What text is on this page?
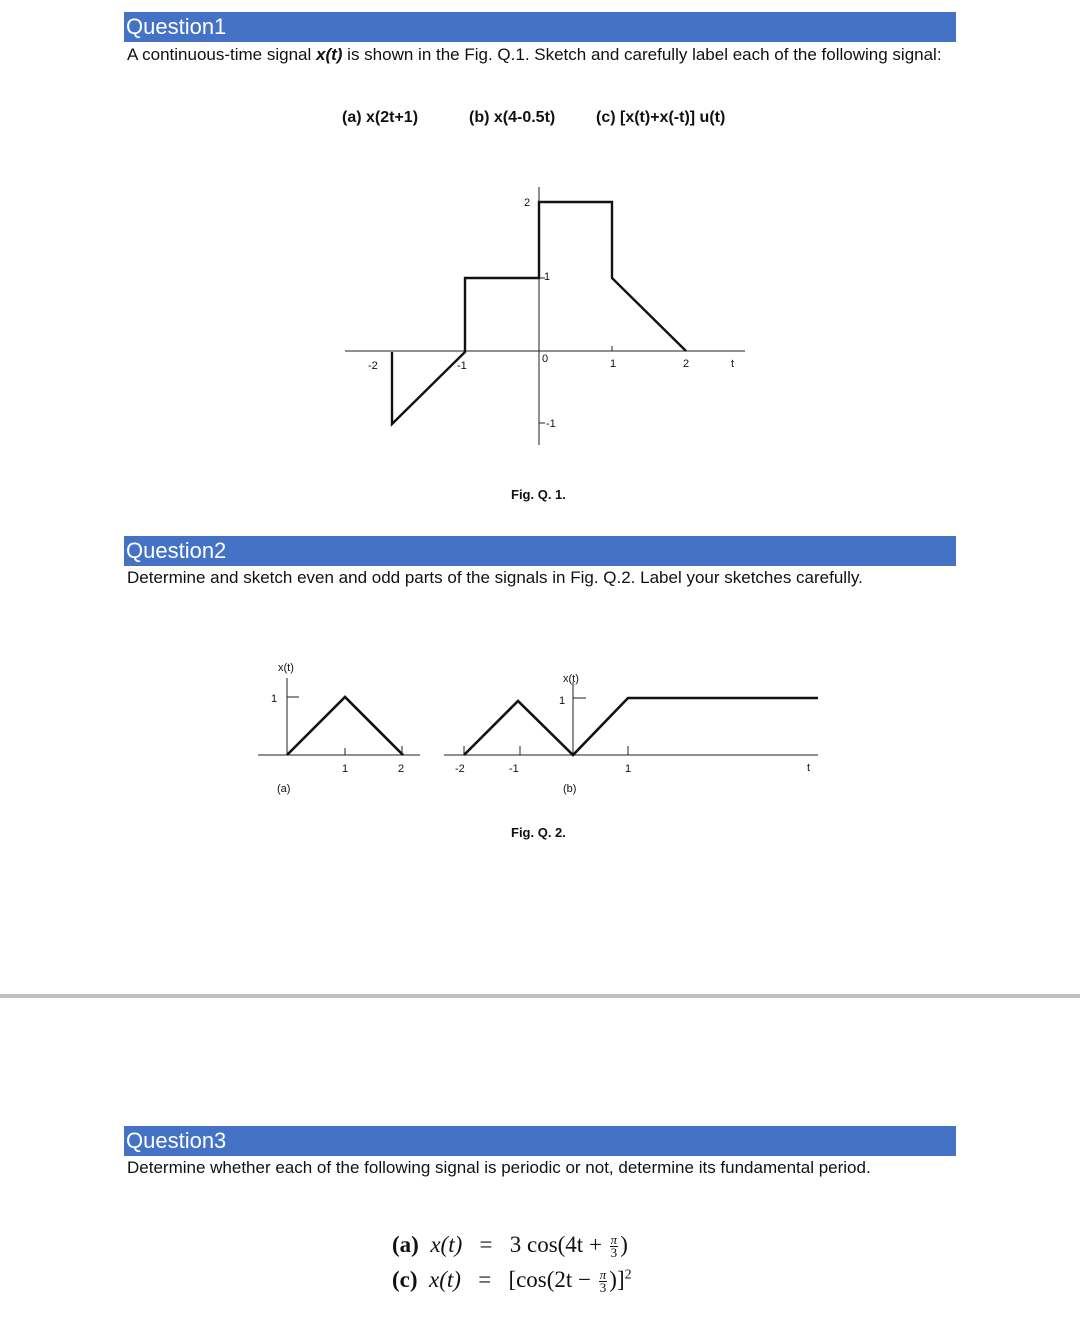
Question1
A continuous-time signal x(t) is shown in the Fig. Q.1. Sketch and carefully label each of the following signal:
(a) x(2t+1)	(b) x(4-0.5t)	(c) [x(t)+x(-t)] u(t)
-2	-1
0	1	2	t
2
1
-1
Fig. Q. 1.
Question2
Determine and sketch even and odd parts of the signals in Fig. Q.2. Label your sketches carefully.
x(t)
1
1	2
(a)
x(t)
1
-2	-1	1	t
(b)
Fig. Q. 2.
Question3
Determine whether each of the following signal is periodic or not, determine its fundamental period.
(a) x(t) = 3 $\cos(4t + \frac{\pi}{3}$ )
(c) $x(t) = [\cos(2t - \frac{\pi}{3} )]^2$
